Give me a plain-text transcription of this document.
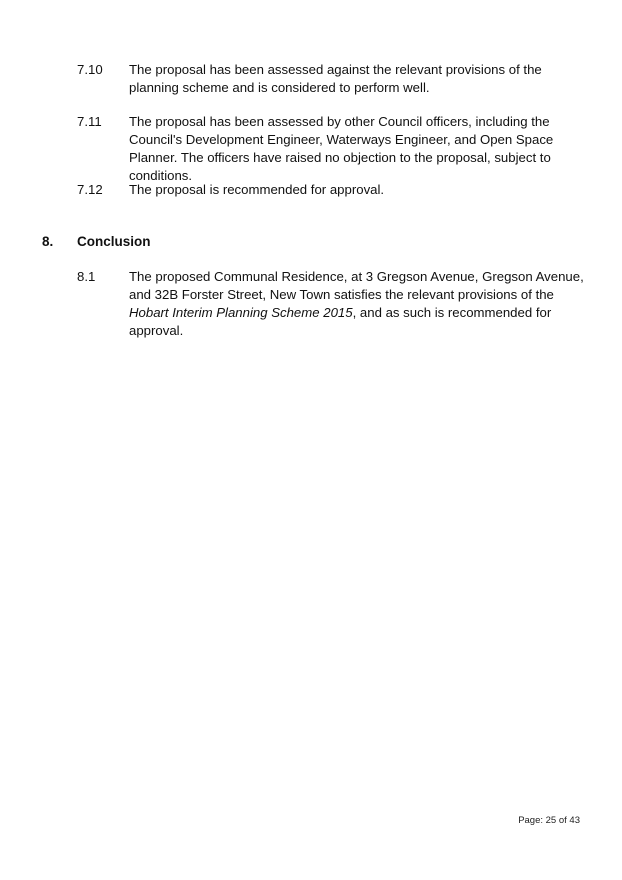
7.10	The proposal has been assessed against the relevant provisions of the planning scheme and is considered to perform well.
7.11	The proposal has been assessed by other Council officers, including the Council's Development Engineer, Waterways Engineer, and Open Space Planner. The officers have raised no objection to the proposal, subject to conditions.
7.12	The proposal is recommended for approval.
8.	Conclusion
8.1	The proposed Communal Residence, at 3 Gregson Avenue, Gregson Avenue, and 32B Forster Street, New Town satisfies the relevant provisions of the Hobart Interim Planning Scheme 2015, and as such is recommended for approval.
Page: 25 of 43
